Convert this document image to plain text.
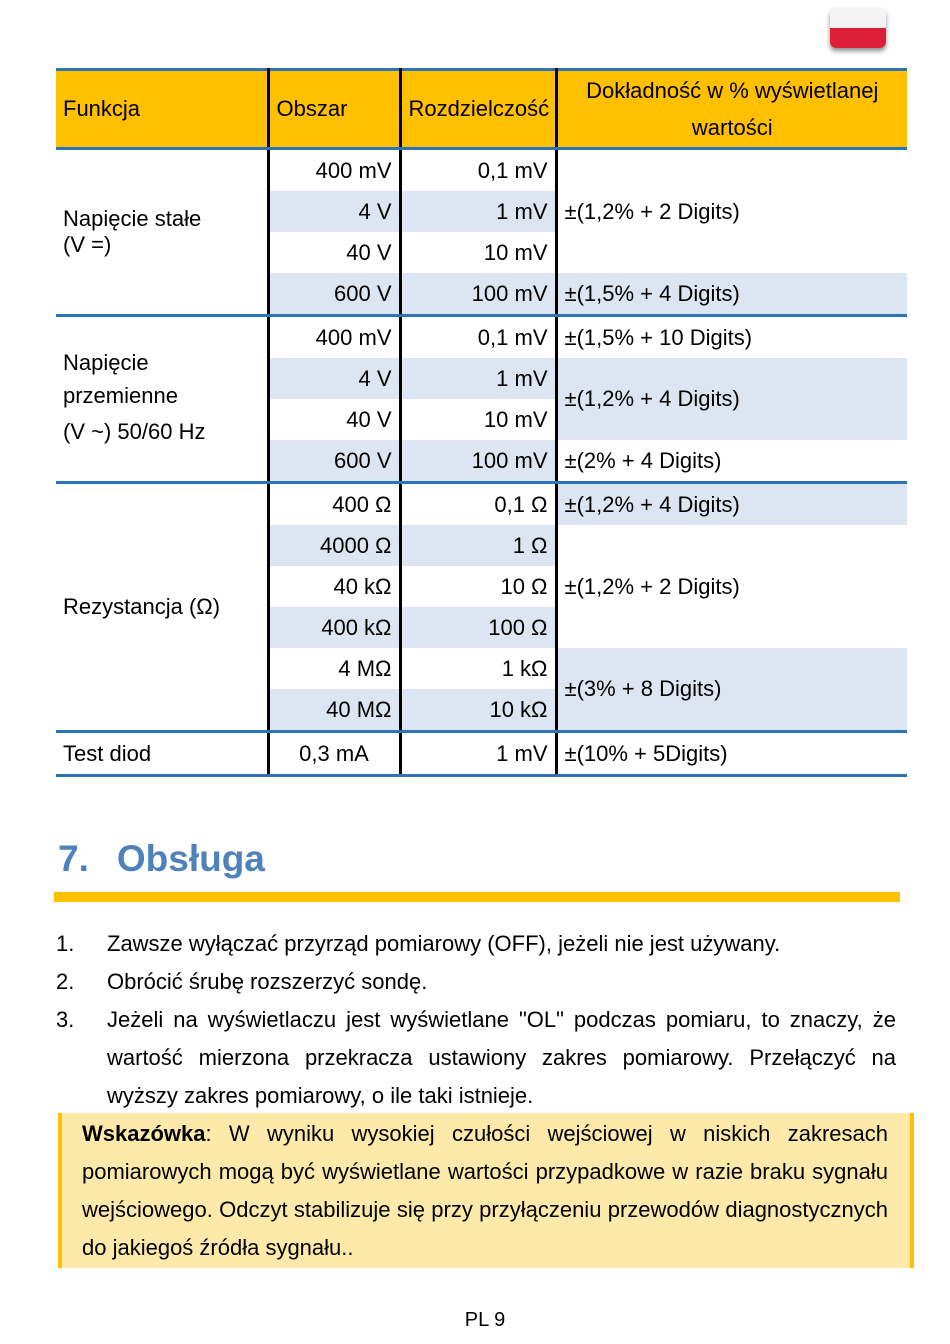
Funkcja	Obszar	Rozdzielczość	Dokładność w % wyświetlanej wartości

Napięcie stałe
(V =)	400 mV	0,1 mV	±(1,2% + 2 Digits)
	4 V	1 mV	
	40 V	10 mV	
	600 V	100 mV	±(1,5% + 4 Digits)

Napięcie
przemienne
(V ~) 50/60 Hz	400 mV	0,1 mV	±(1,5% + 10 Digits)
	4 V	1 mV	±(1,2% + 4 Digits)
	40 V	10 mV	
	600 V	100 mV	±(2% + 4 Digits)

Rezystancja (Ω)	400 Ω	0,1 Ω	±(1,2% + 4 Digits)
	4000 Ω	1 Ω	±(1,2% + 2 Digits)
	40 kΩ	10 Ω	
	400 kΩ	100 Ω	
	4 MΩ	1 kΩ	±(3% + 8 Digits)
	40 MΩ	10 kΩ	
Test diod	0,3 mA	1 mV	±(10% + 5Digits)
7. Obsługa
1. Zawsze wyłączać przyrząd pomiarowy (OFF), jeżeli nie jest używany.
2. Obrócić śrubę rozszerzyć sondę.
3. Jeżeli na wyświetlaczu jest wyświetlane "OL" podczas pomiaru, to znaczy, że wartość mierzona przekracza ustawiony zakres pomiarowy. Przełączyć na wyższy zakres pomiarowy, o ile taki istnieje.
Wskazówka: W wyniku wysokiej czułości wejściowej w niskich zakresach pomiarowych mogą być wyświetlane wartości przypadkowe w razie braku sygnału wejściowego. Odczyt stabilizuje się przy przyłączeniu przewodów diagnostycznych do jakiegoś źródła sygnału..
PL 9
